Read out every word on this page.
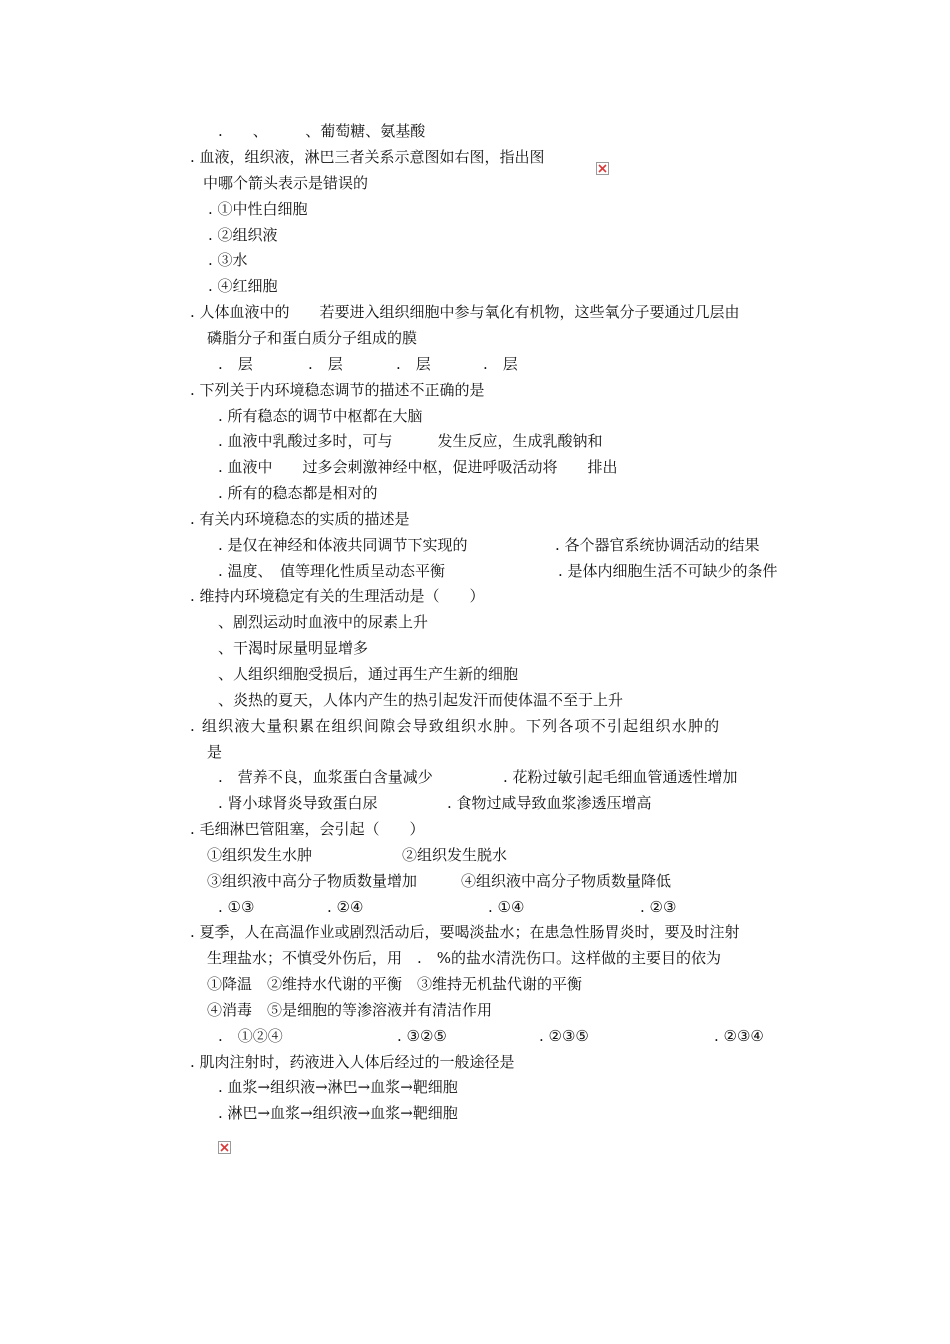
.　　、　　　、葡萄糖、氨基酸
. 血液，组织液，淋巴三者关系示意图如右图，指出图
中哪个箭头表示是错误的
. ①中性白细胞
. ②组织液
. ③水
. ④红细胞
. 人体血液中的　　若要进入组织细胞中参与氧化有机物，这些氧分子要通过几层由
磷脂分子和蛋白质分子组成的膜
.　层	.　层	.　层	.　层
. 下列关于内环境稳态调节的描述不正确的是
. 所有稳态的调节中枢都在大脑
. 血液中乳酸过多时，可与　　　发生反应，生成乳酸钠和
. 血液中　　过多会刺激神经中枢，促进呼吸活动将　　排出
. 所有的稳态都是相对的
. 有关内环境稳态的实质的描述是
. 是仅在神经和体液共同调节下实现的	. 各个器官系统协调活动的结果
. 温度、　值等理化性质呈动态平衡	. 是体内细胞生活不可缺少的条件
. 维持内环境稳定有关的生理活动是（　　）
、剧烈运动时血液中的尿素上升
、干渴时尿量明显增多
、人组织细胞受损后，通过再生产生新的细胞
、炎热的夏天，人体内产生的热引起发汗而使体温不至于上升
. 组织液大量积累在组织间隙会导致组织水肿。下列各项不引起组织水肿的
是
.　营养不良，血浆蛋白含量减少	. 花粉过敏引起毛细血管通透性增加
. 肾小球肾炎导致蛋白尿	. 食物过咸导致血浆渗透压增高
. 毛细淋巴管阻塞，会引起（　　）
①组织发生水肿	②组织发生脱水
③组织液中高分子物质数量增加	④组织液中高分子物质数量降低
. ①③	. ②④	. ①④	. ②③
. 夏季，人在高温作业或剧烈活动后，要喝淡盐水；在患急性肠胃炎时，要及时注射
生理盐水；不慎受外伤后，用　.　%的盐水清洗伤口。这样做的主要目的依为
①降温　②维持水代谢的平衡　③维持无机盐代谢的平衡
④消毒　⑤是细胞的等渗溶液并有清洁作用
.　①②④	. ③②⑤	. ②③⑤	. ②③④
. 肌肉注射时，药液进入人体后经过的一般途径是
. 血浆→组织液→淋巴→血浆→靶细胞
. 淋巴→血浆→组织液→血浆→靶细胞
